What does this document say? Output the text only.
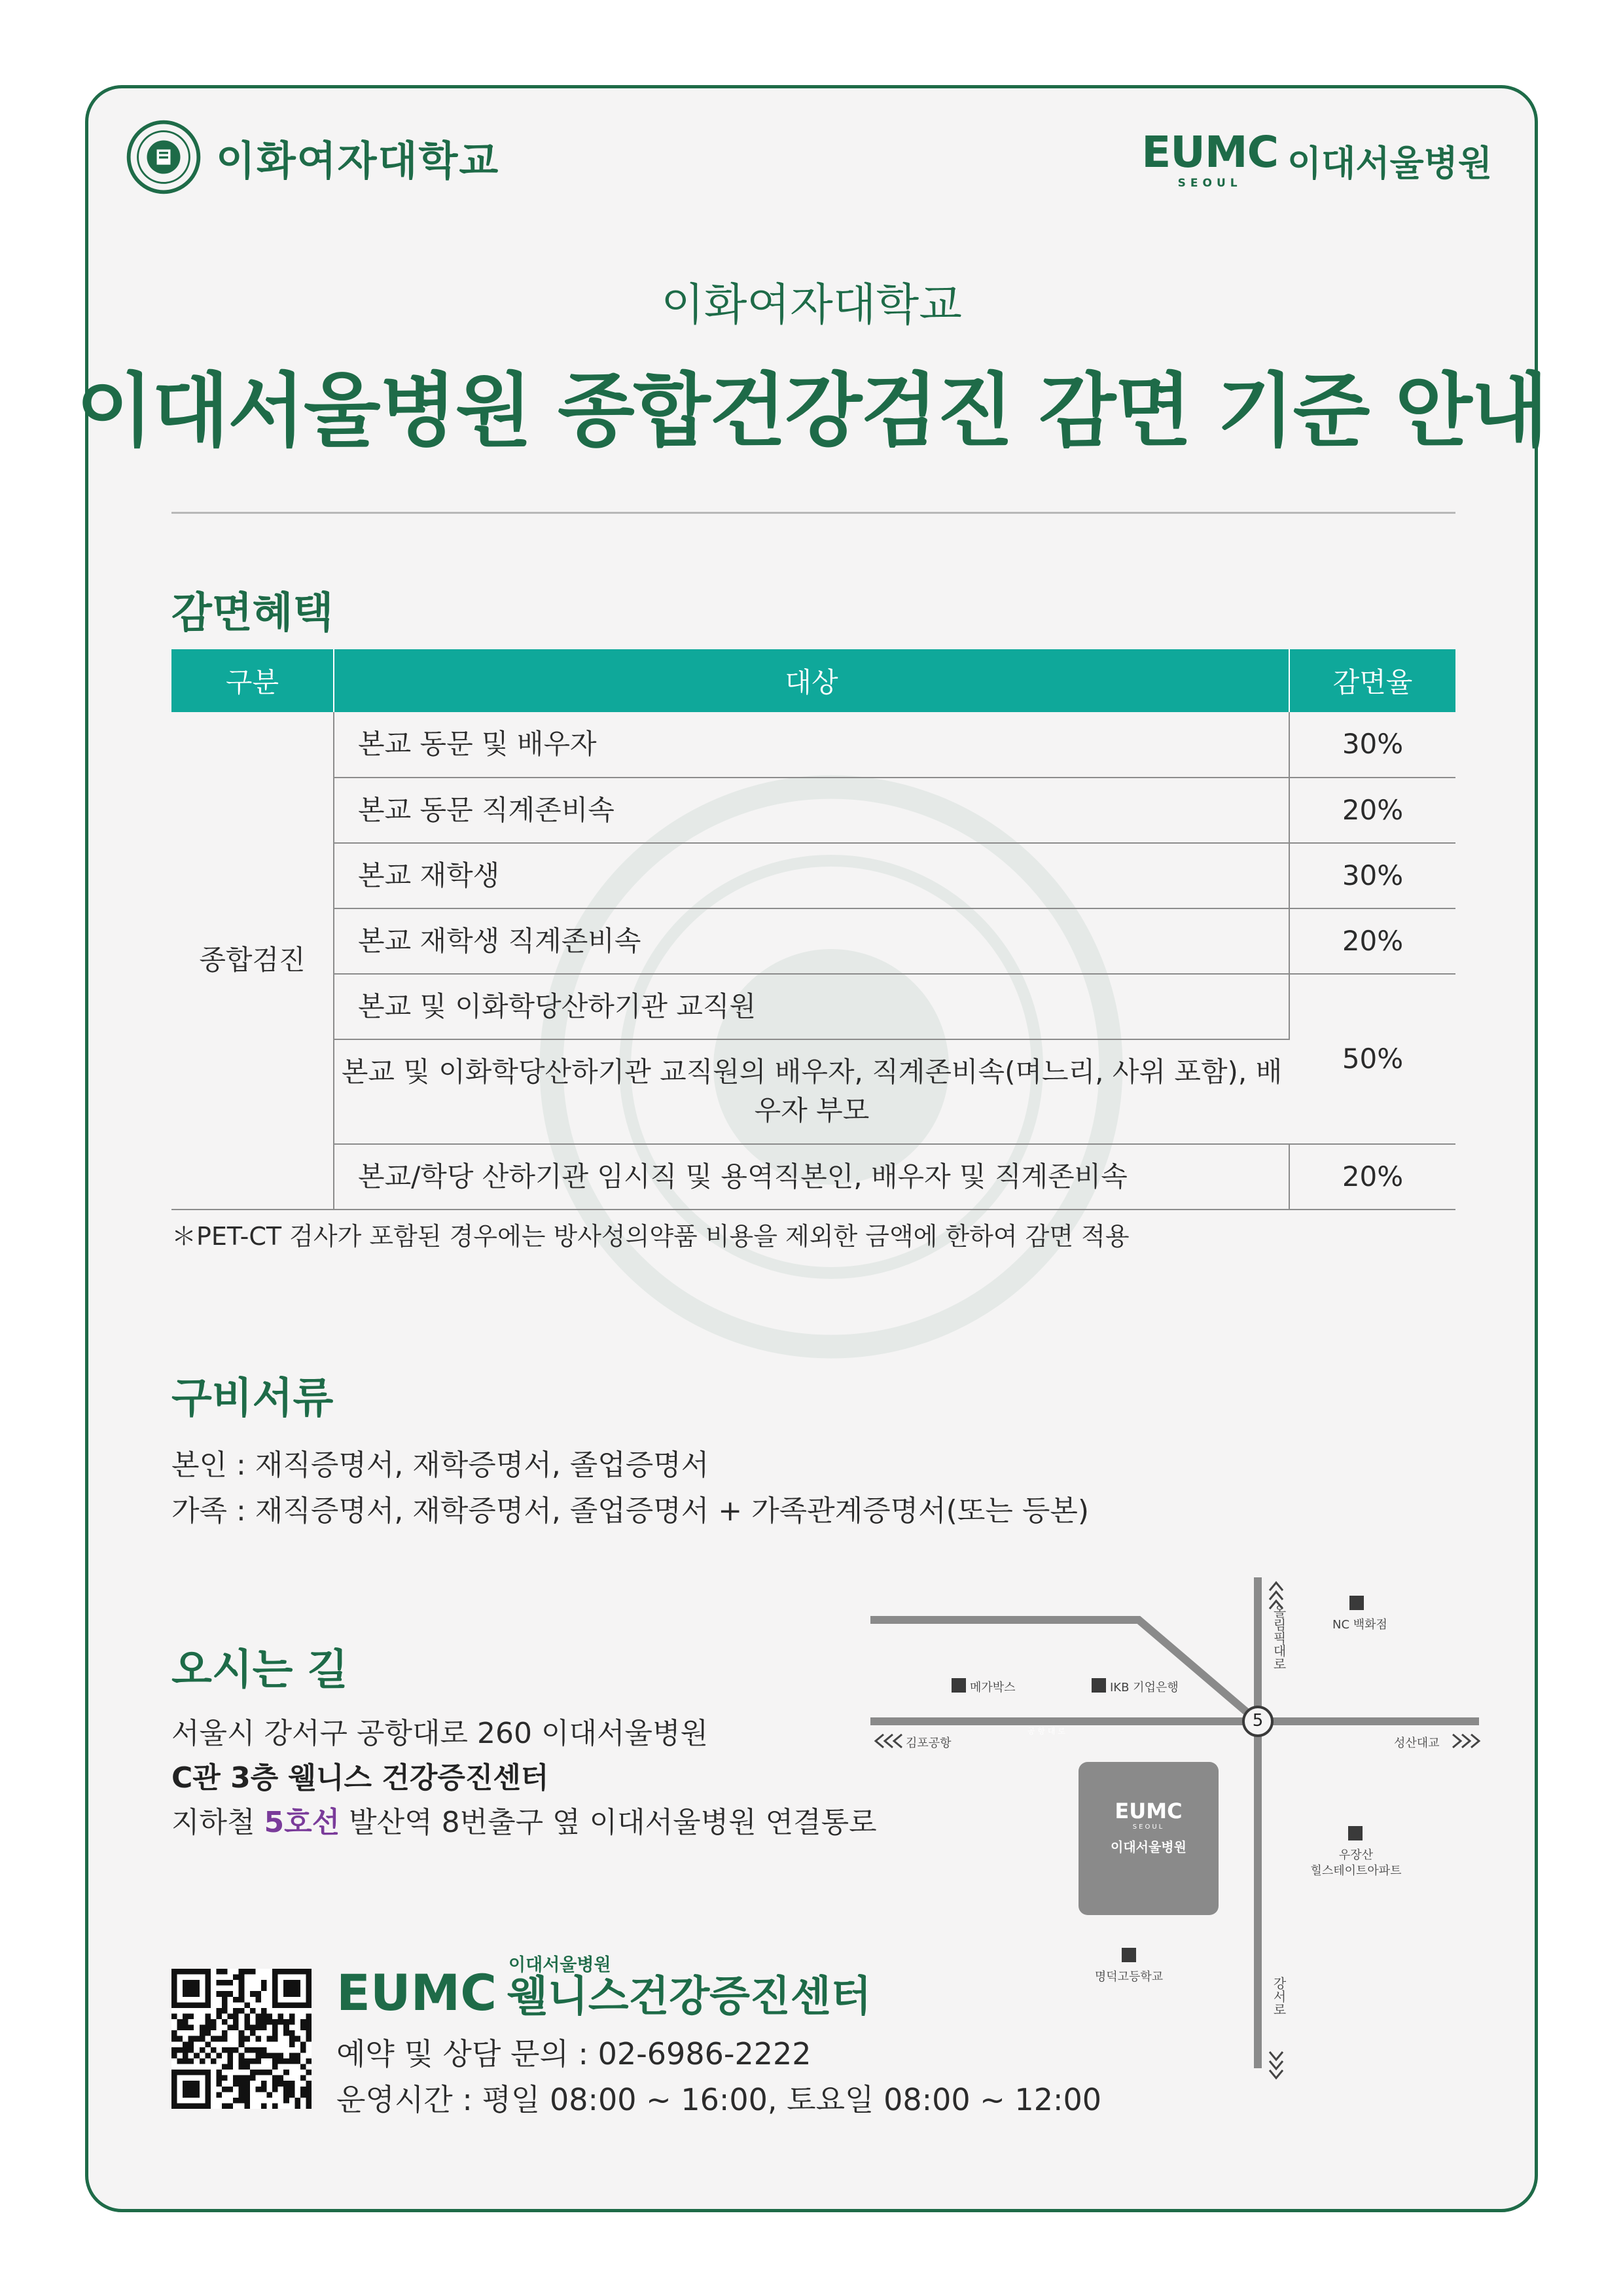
이화여자대학교	EUMC
SEOUL 이대서울병원
이화여자대학교
이대서울병원 종합건강검진 감면 기준 안내
감면혜택
구분	대상	감면율
종합검진	본교 동문 및 배우자	30%
	본교 동문 직계존비속	20%
	본교 재학생	30%
	본교 재학생 직계존비속	20%
	본교 및 이화학당산하기관 교직원	50%
	본교 및 이화학당산하기관 교직원의 배우자, 직계존비속(며느리, 사위 포함), 배우자 부모	
	본교/학당 산하기관 임시직 및 용역직본인, 배우자 및 직계존비속	20%
＊PET-CT 검사가 포함된 경우에는 방사성의약품 비용을 제외한 금액에 한하여 감면 적용
구비서류
본인 : 재직증명서, 재학증명서, 졸업증명서
가족 : 재직증명서, 재학증명서, 졸업증명서 + 가족관계증명서(또는 등본)
오시는 길
서울시 강서구 공항대로 260 이대서울병원
C관 3층 웰니스 건강증진센터
지하철 5호선 발산역 8번출구 옆 이대서울병원 연결통로
올림픽대로	NC 백화점
메가박스	IKB 기업은행
공 항 대 로
김포공항	성산대교
5
EUMC
SEOUL
이대서울병원
우장산
힐스테이트아파트
명덕고등학교	강서로
EUMC 이대서울병원
웰니스건강증진센터
예약 및 상담 문의 : 02-6986-2222
운영시간 : 평일 08:00 ~ 16:00, 토요일 08:00 ~ 12:00
